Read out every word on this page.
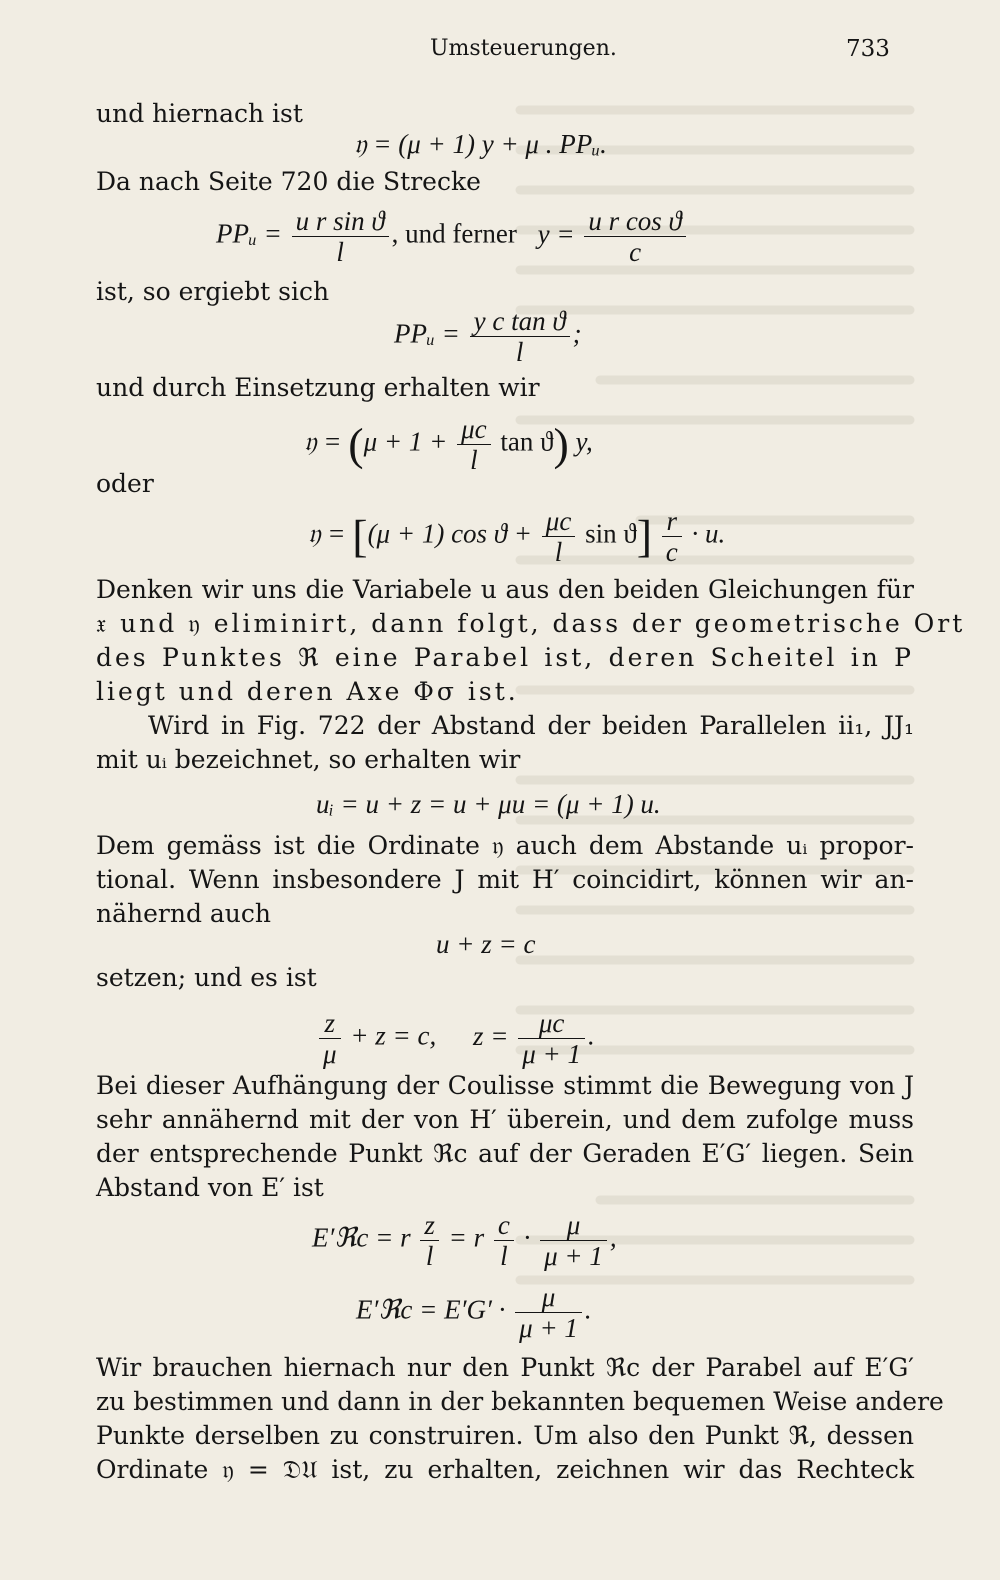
Umsteuerungen.	733
und hiernach ist
𝔶 = (μ + 1) y + μ . PPᵤ.
Da nach Seite 720 die Strecke
PPᵤ = $\frac{\text{u r sin ϑ}}{l}$ , und ferner $y = \frac{\text{u r cos ϑ}}{c}$
ist, so ergiebt sich
PPᵤ = $\frac{\text{y c tan ϑ}}{l}$ ;
und durch Einsetzung erhalten wir
𝔶 = ($\mu + 1 + \frac{\mu c}{l}$ tan ϑ) y,
oder
𝔶 = [(μ + 1) $\cos ϑ + \frac{\mu c}{l}$ $\sin ϑ] \frac{r}{c} \cdot u$.
Denken wir uns die Variabele u aus den beiden Gleichungen für
𝔵 und 𝔶 eliminirt, dann folgt, dass der geometrische Ort
des Punktes ℜ eine Parabel ist, deren Scheitel in P
liegt und deren Axe Φσ ist.
Wird in Fig. 722 der Abstand der beiden Parallelen ii₁, JJ₁
mit uᵢ bezeichnet, so erhalten wir
uᵢ = u + z = u + μu = (μ + 1) u.
Dem gemäss ist die Ordinate 𝔶 auch dem Abstande uᵢ propor-
tional. Wenn insbesondere J mit H′ coincidirt, können wir an-
nähernd auch
u + z = c
setzen; und es ist
$\frac{z}{\mu} + z = c$, $z = \frac{\mu c}{\mu + 1}$ .
Bei dieser Aufhängung der Coulisse stimmt die Bewegung von J
sehr annähernd mit der von H′ überein, und dem zufolge muss
der entsprechende Punkt ℜc auf der Geraden E′G′ liegen. Sein
Abstand von E′ ist
E′ℜc = r $\frac{z}{l} = r \frac{c}{l} \cdot \frac{\mu}{\mu + 1}$ ,
E′ℜc = $E'G' \cdot \frac{\mu}{\mu + 1}$ .
Wir brauchen hiernach nur den Punkt ℜc der Parabel auf E′G′
zu bestimmen und dann in der bekannten bequemen Weise andere
Punkte derselben zu construiren. Um also den Punkt ℜ, dessen
Ordinate 𝔶 = 𝔇𝔘 ist, zu erhalten, zeichnen wir das Rechteck
